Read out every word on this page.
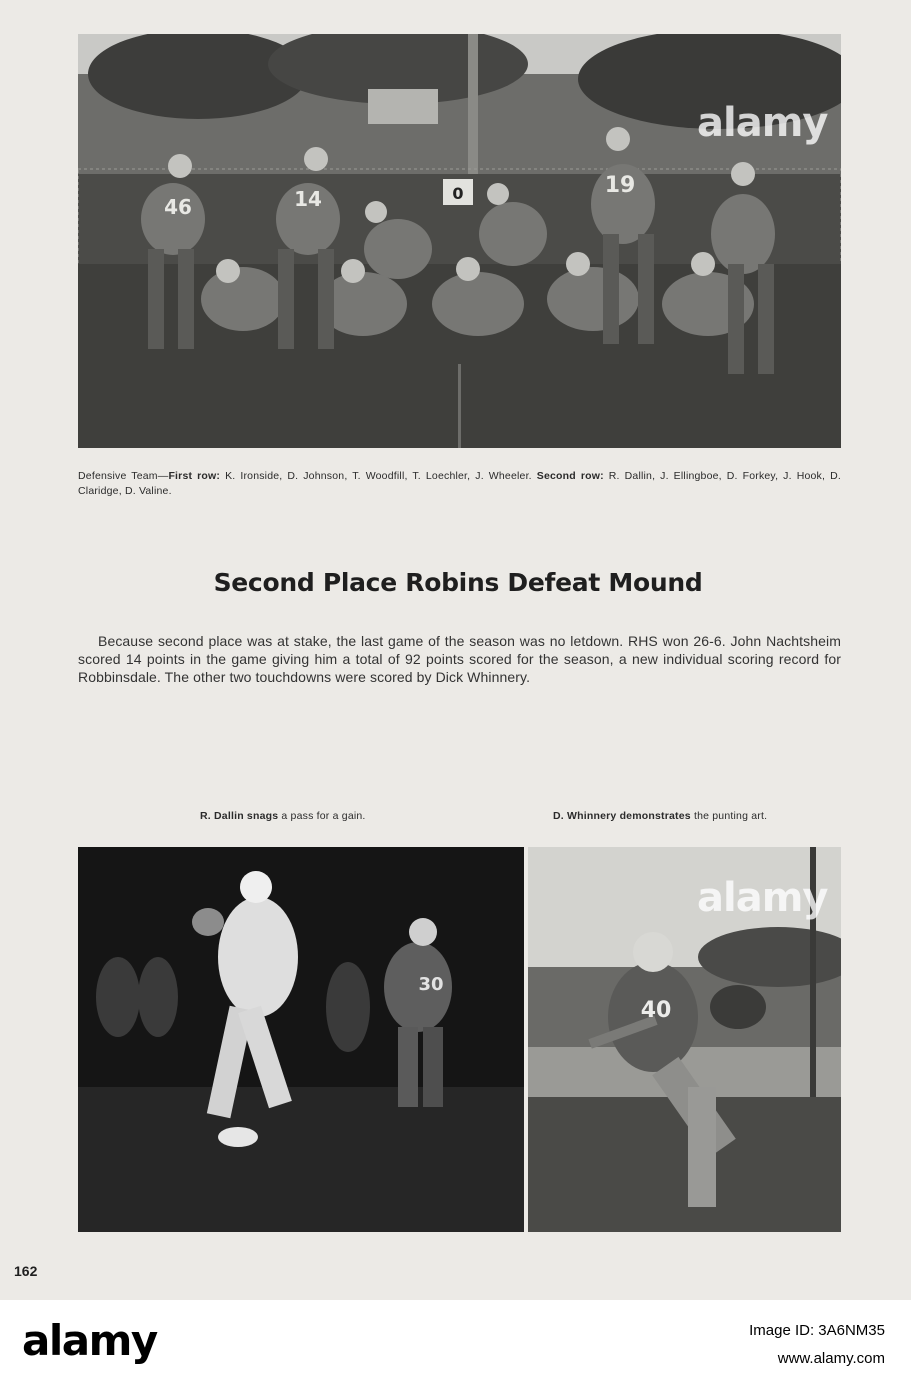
0
46	14
19
alamy
Defensive Team—First row: K. Ironside, D. Johnson, T. Woodfill, T. Loechler, J. Wheeler. Second row: R. Dallin, J. Ellingboe, D. Forkey, J. Hook, D. Claridge, D. Valine.
Second Place Robins Defeat Mound
Because second place was at stake, the last game of the season was no letdown. RHS won 26-6. John Nachtsheim scored 14 points in the game giving him a total of 92 points scored for the season, a new individual scoring record for Robbinsdale. The other two touchdowns were scored by Dick Whinnery.
R. Dallin snags a pass for a gain.	D. Whinnery demonstrates the punting art.
30
40
alamy
162
alamy	Image ID: 3A6NM35
www.alamy.com
